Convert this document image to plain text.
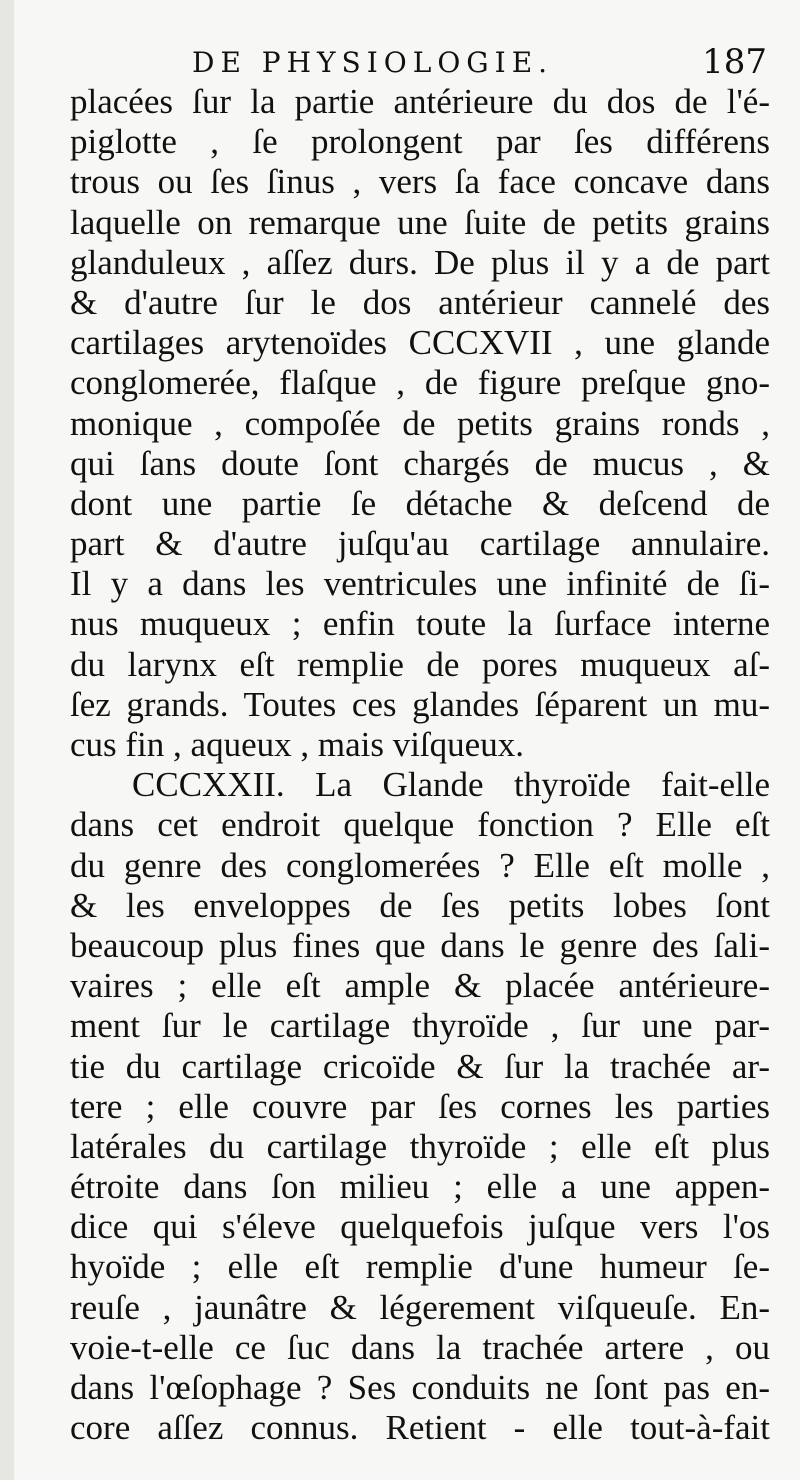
DE PHYSIOLOGIE.	187
placées ſur la partie antérieure du dos de l'é-
piglotte , ſe prolongent par ſes différens
trous ou ſes ſinus , vers ſa face concave dans
laquelle on remarque une ſuite de petits grains
glanduleux , aſſez durs. De plus il y a de part
& d'autre ſur le dos antérieur cannelé des
cartilages arytenoïdes CCCXVII , une glande
conglomerée, flaſque , de figure preſque gno-
monique , compoſée de petits grains ronds ,
qui ſans doute ſont chargés de mucus , &
dont une partie ſe détache & deſcend de
part & d'autre juſqu'au cartilage annulaire.
Il y a dans les ventricules une infinité de ſi-
nus muqueux ; enfin toute la ſurface interne
du larynx eſt remplie de pores muqueux aſ-
ſez grands. Toutes ces glandes ſéparent un mu-
cus fin , aqueux , mais viſqueux.
CCCXXII. La Glande thyroïde fait-elle
dans cet endroit quelque fonction ? Elle eſt
du genre des conglomerées ? Elle eſt molle ,
& les enveloppes de ſes petits lobes ſont
beaucoup plus fines que dans le genre des ſali-
vaires ; elle eſt ample & placée antérieure-
ment ſur le cartilage thyroïde , ſur une par-
tie du cartilage cricoïde & ſur la trachée ar-
tere ; elle couvre par ſes cornes les parties
latérales du cartilage thyroïde ; elle eſt plus
étroite dans ſon milieu ; elle a une appen-
dice qui s'éleve quelquefois juſque vers l'os
hyoïde ; elle eſt remplie d'une humeur ſe-
reuſe , jaunâtre & légerement viſqueuſe. En-
voie-t-elle ce ſuc dans la trachée artere , ou
dans l'œſophage ? Ses conduits ne ſont pas en-
core aſſez connus. Retient - elle tout-à-fait
